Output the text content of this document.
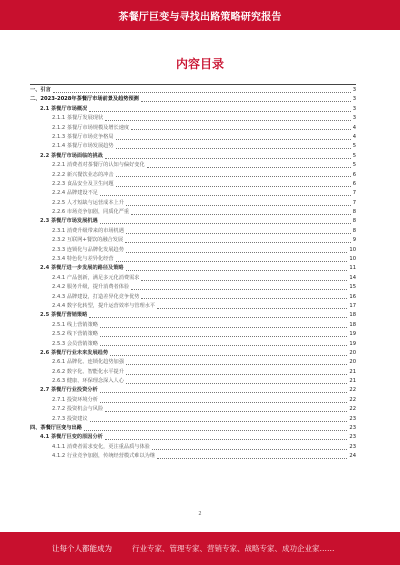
茶餐厅巨变与寻找出路策略研究报告
内容目录
一、引言	3
二、2023-2028年茶餐厅市场前景及趋势预测	3
2.1 茶餐厅市场概况	3
2.1.1 茶餐厅发展现状	3
2.1.2 茶餐厅市场规模及增长速度	4
2.1.3 茶餐厅市场竞争格局	4
2.1.4 茶餐厅市场发展趋势	5
2.2 茶餐厅市场面临的挑战	5
2.2.1 消费者对茶餐厅的认知与偏好变化	5
2.2.2 新兴餐饮业态的冲击	6
2.2.3 食品安全及卫生问题	6
2.2.4 品牌建设不足	7
2.2.5 人才短缺与运营成本上升	7
2.2.6 市场竞争加剧，同质化严重	8
2.3 茶餐厅市场发展机遇	8
2.3.1 消费升级带来的市场机遇	8
2.3.2 互联网+餐饮的融合发展	9
2.3.3 连锁化与品牌化发展趋势	10
2.3.4 特色化与差异化经营	10
2.4 茶餐厅进一步发展的路径及策略	11
2.4.1 产品创新，满足多元化消费需求	14
2.4.2 服务升级，提升消费者体验	15
2.4.3 品牌建设，打造差异化竞争优势	16
2.4.4 数字化转型，提升运营效率与管理水平	17
2.5 茶餐厅营销策略	18
2.5.1 线上营销策略	18
2.5.2 线下营销策略	19
2.5.3 会员营销策略	19
2.6 茶餐厅行业未来发展趋势	20
2.6.1 品牌化、连锁化趋势加强	20
2.6.2 数字化、智能化水平提升	21
2.6.3 健康、环保理念深入人心	21
2.7 茶餐厅行业投资分析	22
2.7.1 投资环境分析	22
2.7.2 投资机会与风险	22
2.7.3 投资建议	23
四、茶餐厅巨变与出路	23
4.1 茶餐厅巨变的原因分析	23
4.1.1 消费者需求变化，更注重品质与体验	23
4.1.2 行业竞争加剧，传统经营模式难以为继	24
2
让每个人都能成为	行业专家、管理专家、营销专家、战略专家、成功企业家……
